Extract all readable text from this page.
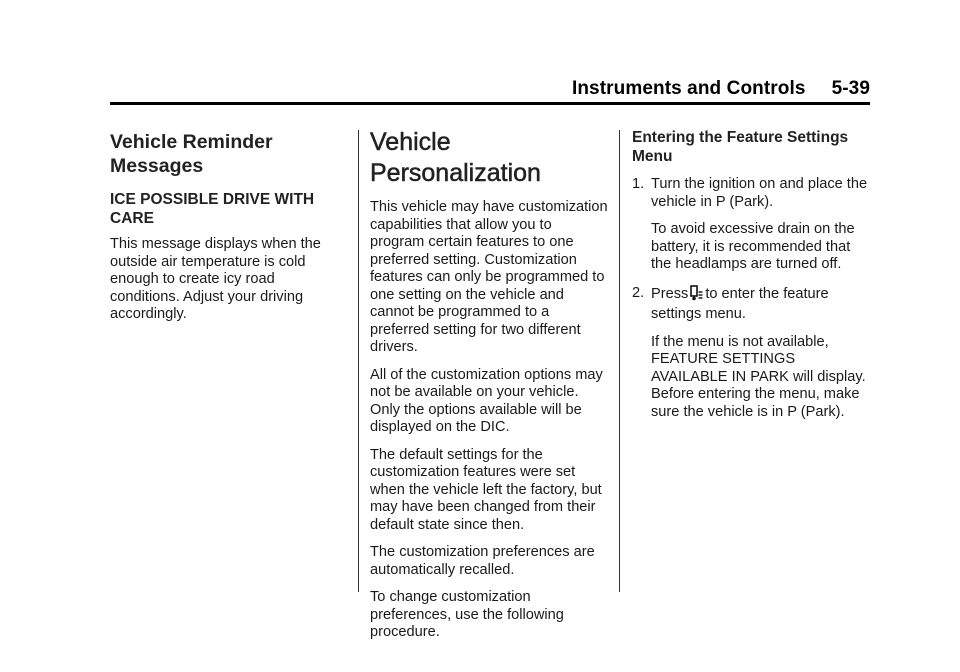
Instruments and Controls 5-39
Vehicle Reminder Messages
ICE POSSIBLE DRIVE WITH CARE

This message displays when the outside air temperature is cold enough to create icy road conditions. Adjust your driving accordingly.

Vehicle Personalization

This vehicle may have customization capabilities that allow you to program certain features to one preferred setting. Customization features can only be programmed to one setting on the vehicle and cannot be programmed to a preferred setting for two different drivers.

All of the customization options may not be available on your vehicle. Only the options available will be displayed on the DIC.

The default settings for the customization features were set when the vehicle left the factory, but may have been changed from their default state since then.

The customization preferences are automatically recalled.

To change customization preferences, use the following procedure.

Entering the Feature Settings Menu
1. Turn the ignition on and place the vehicle in P (Park).

To avoid excessive drain on the battery, it is recommended that the headlamps are turned off.

2. Press to enter the feature settings menu.

If the menu is not available, FEATURE SETTINGS AVAILABLE IN PARK will display. Before entering the menu, make sure the vehicle is in P (Park).
